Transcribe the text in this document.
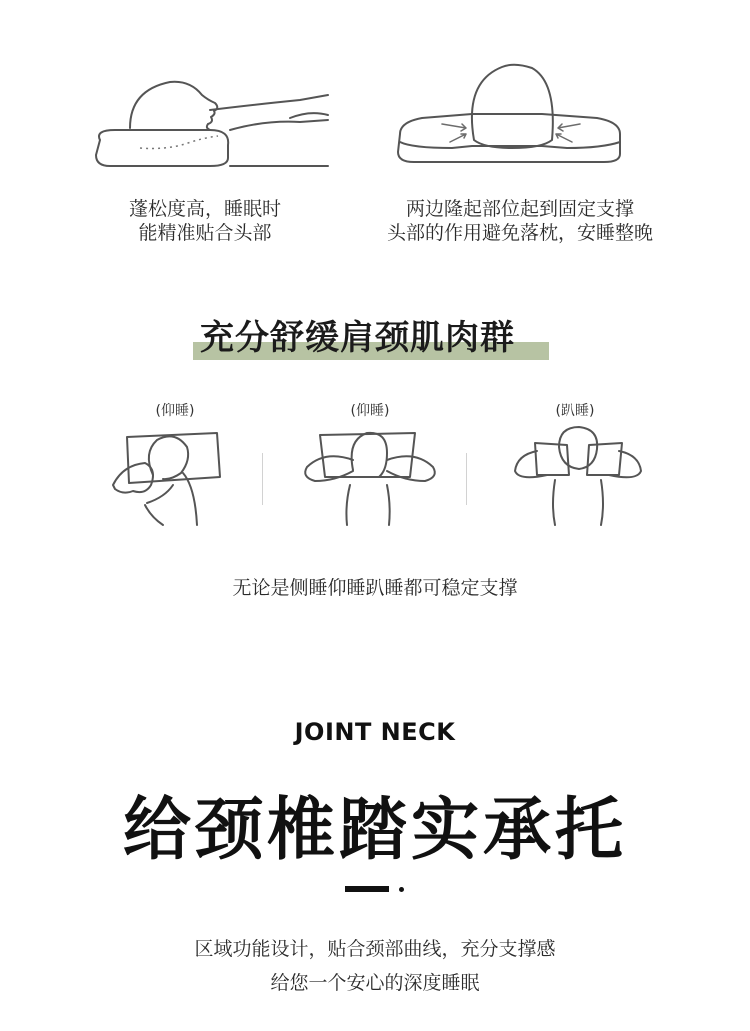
蓬松度高，睡眠时
能精准贴合头部
两边隆起部位起到固定支撑
头部的作用避免落枕，安睡整晚
充分舒缓肩颈肌肉群
(仰睡)	(仰睡)	(趴睡)
无论是侧睡仰睡趴睡都可稳定支撑
JOINT NECK
给颈椎踏实承托
区域功能设计，贴合颈部曲线，充分支撑感
给您一个安心的深度睡眠
